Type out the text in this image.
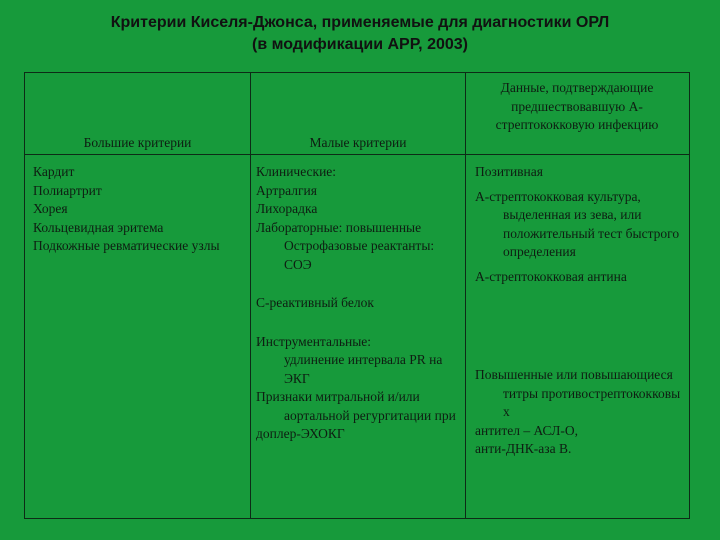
Критерии Киселя-Джонса, применяемые для диагностики ОРЛ
(в модификации АРР, 2003)
Большие критерии	Малые критерии
Данные, подтверждающие предшествовавшую А-стрептококковую инфекцию

Кардит

Полиартрит

Хорея

Кольцевидная эритема

Подкожные ревматические узлы

Клинические:

Артралгия

Лихорадка

Лабораторные: повышенные Острофазовые реактанты: СОЭ

С-реактивный белок

Инструментальные:

удлинение интервала PR на ЭКГ

Признаки митральной и/или аортальной регургитации при

доплер-ЭХОКГ

Позитивная

А-стрептококковая культура, выделенная из зева, или положительный тест быстрого определения

А-стрептококковая антина

Повышенные или повышающиеся титры противострептококковы х

антител – АСЛ-О,

анти-ДНК-аза В.
